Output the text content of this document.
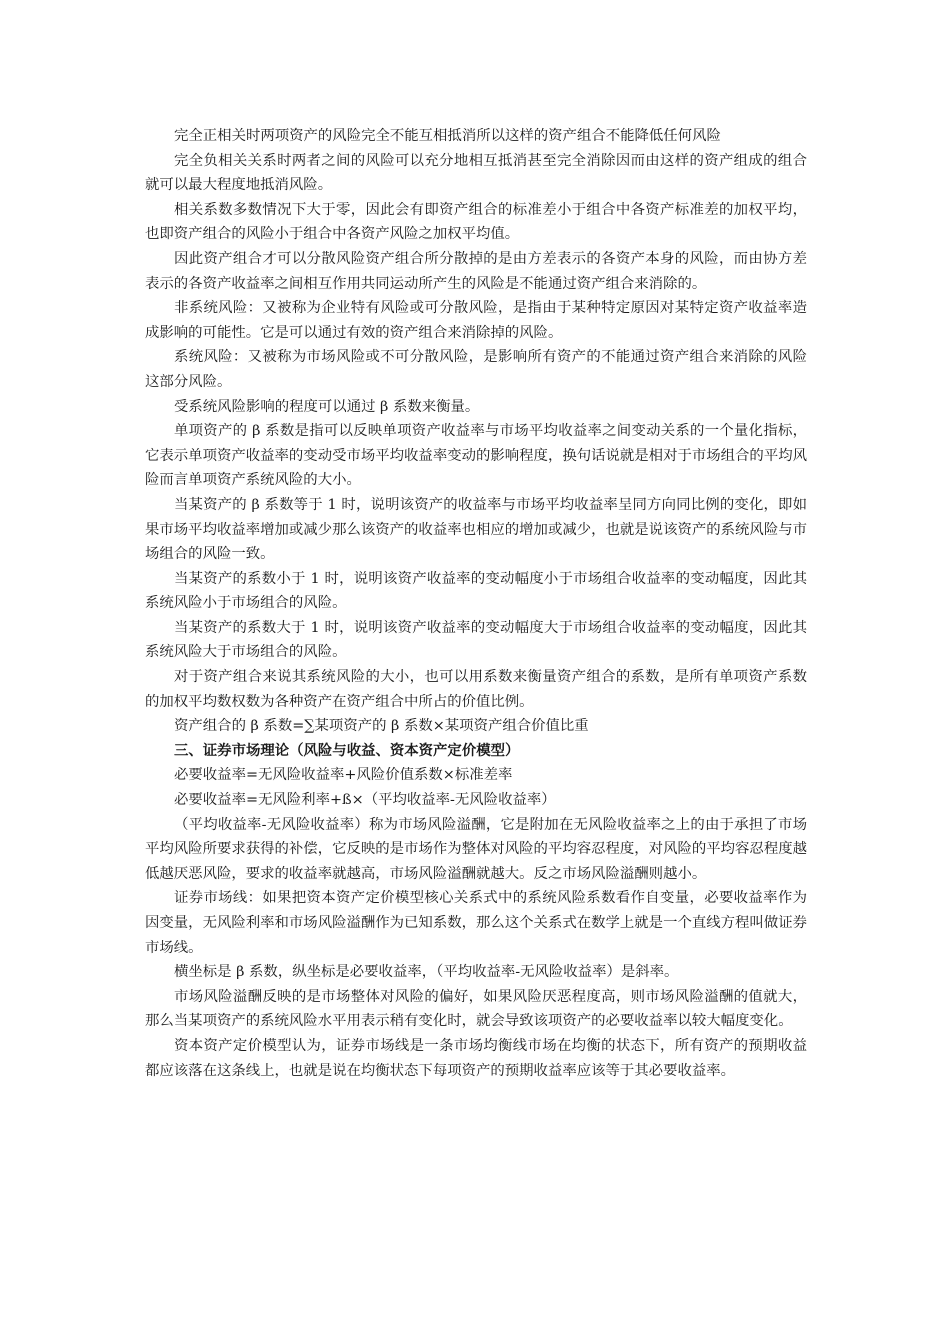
完全正相关时两项资产的风险完全不能互相抵消所以这样的资产组合不能降低任何风险

完全负相关关系时两者之间的风险可以充分地相互抵消甚至完全消除因而由这样的资产组成的组合就可以最大程度地抵消风险。

相关系数多数情况下大于零，因此会有即资产组合的标准差小于组合中各资产标准差的加权平均，也即资产组合的风险小于组合中各资产风险之加权平均值。

因此资产组合才可以分散风险资产组合所分散掉的是由方差表示的各资产本身的风险，而由协方差表示的各资产收益率之间相互作用共同运动所产生的风险是不能通过资产组合来消除的。

非系统风险：又被称为企业特有风险或可分散风险，是指由于某种特定原因对某特定资产收益率造成影响的可能性。它是可以通过有效的资产组合来消除掉的风险。

系统风险：又被称为市场风险或不可分散风险，是影响所有资产的不能通过资产组合来消除的风险这部分风险。

受系统风险影响的程度可以通过 β 系数来衡量。

单项资产的 β 系数是指可以反映单项资产收益率与市场平均收益率之间变动关系的一个量化指标，它表示单项资产收益率的变动受市场平均收益率变动的影响程度，换句话说就是相对于市场组合的平均风险而言单项资产系统风险的大小。

当某资产的 β 系数等于 1 时，说明该资产的收益率与市场平均收益率呈同方向同比例的变化，即如果市场平均收益率增加或减少那么该资产的收益率也相应的增加或减少，也就是说该资产的系统风险与市场组合的风险一致。

当某资产的系数小于 1 时，说明该资产收益率的变动幅度小于市场组合收益率的变动幅度，因此其系统风险小于市场组合的风险。

当某资产的系数大于 1 时，说明该资产收益率的变动幅度大于市场组合收益率的变动幅度，因此其系统风险大于市场组合的风险。

对于资产组合来说其系统风险的大小，也可以用系数来衡量资产组合的系数，是所有单项资产系数的加权平均数权数为各种资产在资产组合中所占的价值比例。

资产组合的 β 系数=∑某项资产的 β 系数×某项资产组合价值比重

三、证券市场理论（风险与收益、资本资产定价模型）

必要收益率=无风险收益率+风险价值系数×标准差率

必要收益率=无风险利率+ß×（平均收益率-无风险收益率）

（平均收益率-无风险收益率）称为市场风险溢酬，它是附加在无风险收益率之上的由于承担了市场平均风险所要求获得的补偿，它反映的是市场作为整体对风险的平均容忍程度，对风险的平均容忍程度越低越厌恶风险，要求的收益率就越高，市场风险溢酬就越大。反之市场风险溢酬则越小。

证券市场线：如果把资本资产定价模型核心关系式中的系统风险系数看作自变量，必要收益率作为因变量，无风险利率和市场风险溢酬作为已知系数，那么这个关系式在数学上就是一个直线方程叫做证券市场线。

横坐标是 β 系数，纵坐标是必要收益率，（平均收益率-无风险收益率）是斜率。

市场风险溢酬反映的是市场整体对风险的偏好，如果风险厌恶程度高，则市场风险溢酬的值就大，那么当某项资产的系统风险水平用表示稍有变化时，就会导致该项资产的必要收益率以较大幅度变化。

资本资产定价模型认为，证券市场线是一条市场均衡线市场在均衡的状态下，所有资产的预期收益都应该落在这条线上，也就是说在均衡状态下每项资产的预期收益率应该等于其必要收益率。
